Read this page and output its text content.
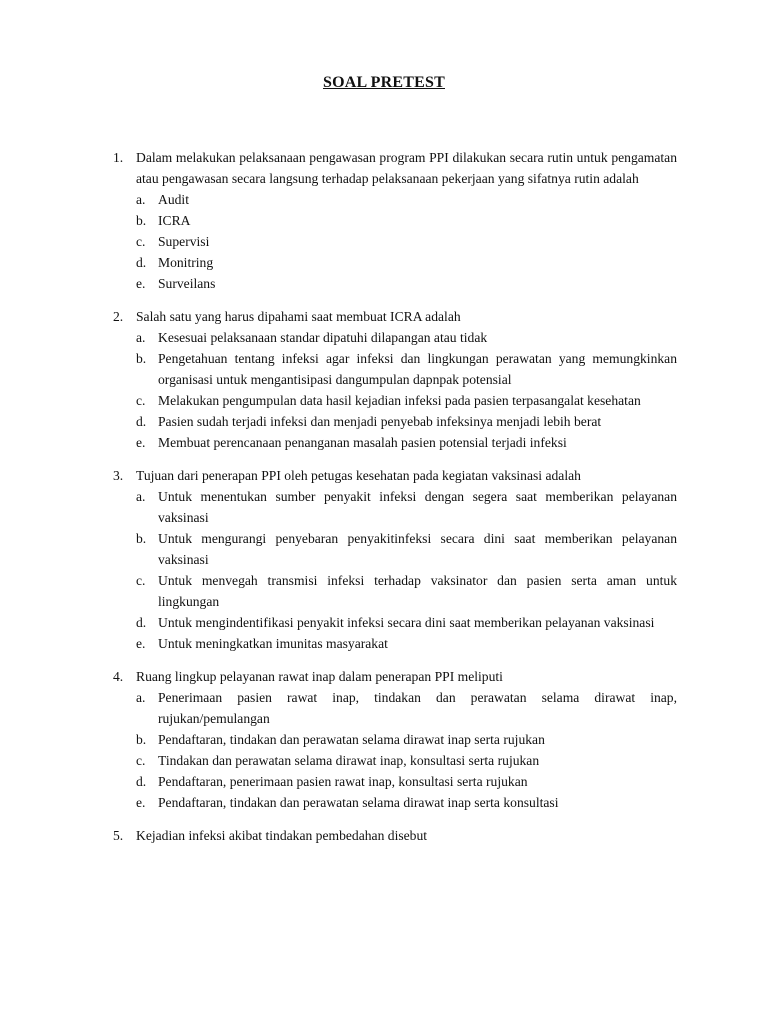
SOAL PRETEST
1. Dalam melakukan pelaksanaan pengawasan program PPI dilakukan secara rutin untuk pengamatan atau pengawasan secara langsung terhadap pelaksanaan pekerjaan yang sifatnya rutin adalah
a. Audit
b. ICRA
c. Supervisi
d. Monitring
e. Surveilans
2. Salah satu yang harus dipahami saat membuat ICRA adalah
a. Kesesuai pelaksanaan standar dipatuhi dilapangan atau tidak
b. Pengetahuan tentang infeksi agar infeksi dan lingkungan perawatan yang memungkinkan organisasi untuk mengantisipasi dangumpulan dapnpak potensial
c. Melakukan pengumpulan data hasil kejadian infeksi pada pasien terpasangalat kesehatan
d. Pasien sudah terjadi infeksi dan menjadi penyebab infeksinya menjadi lebih berat
e. Membuat perencanaan penanganan masalah pasien potensial terjadi infeksi
3. Tujuan dari penerapan PPI oleh petugas kesehatan pada kegiatan vaksinasi adalah
a. Untuk menentukan sumber penyakit infeksi dengan segera saat memberikan pelayanan vaksinasi
b. Untuk mengurangi penyebaran penyakitinfeksi secara dini saat memberikan pelayanan vaksinasi
c. Untuk menvegah transmisi infeksi terhadap vaksinator dan pasien serta aman untuk lingkungan
d. Untuk mengindentifikasi penyakit infeksi secara dini saat memberikan pelayanan vaksinasi
e. Untuk meningkatkan imunitas masyarakat
4. Ruang lingkup pelayanan rawat inap dalam penerapan PPI meliputi
a. Penerimaan pasien rawat inap, tindakan dan perawatan selama dirawat inap, rujukan/pemulangan
b. Pendaftaran, tindakan dan perawatan selama dirawat inap serta rujukan
c. Tindakan dan perawatan selama dirawat inap, konsultasi serta rujukan
d. Pendaftaran, penerimaan pasien rawat inap, konsultasi serta rujukan
e. Pendaftaran, tindakan dan perawatan selama dirawat inap serta konsultasi
5. Kejadian infeksi akibat tindakan pembedahan disebut
